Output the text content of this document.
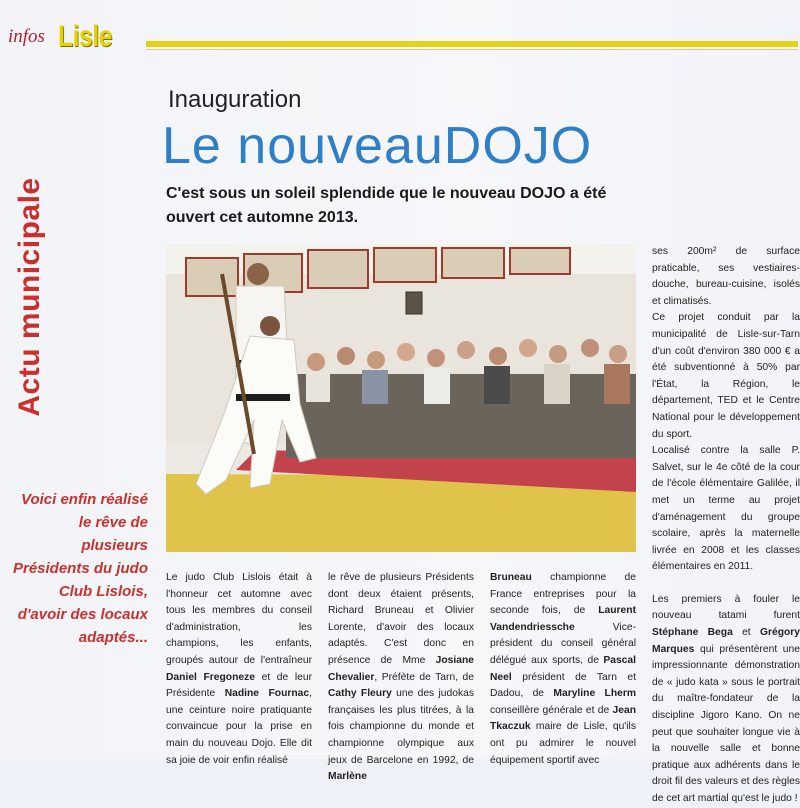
infos Lisle
Actu municipale
Inauguration
Le nouveauDOJO
C'est sous un soleil splendide que le nouveau DOJO a été ouvert cet automne 2013.
Voici enfin réalisé le rêve de plusieurs Présidents du judo Club Lislois, d'avoir des locaux adaptés...

Le judo Club Lislois était à l'honneur cet automne avec tous les membres du conseil d'administration, les champions, les enfants, groupés autour de l'entraîneur Daniel Fregoneze et de leur Présidente Nadine Fournac, une ceinture noire pratiquante convaincue pour la prise en main du nouveau Dojo. Elle dit sa joie de voir enfin réalisé

le rêve de plusieurs Présidents dont deux étaient présents, Richard Bruneau et Olivier Lorente, d'avoir des locaux adaptés. C'est donc en présence de Mme Josiane Chevalier, Préfète de Tarn, de Cathy Fleury une des judokas françaises les plus titrées, à la fois championne du monde et championne olympique aux jeux de Barcelone en 1992, de Marlène

Bruneau championne de France entreprises pour la seconde fois, de Laurent Vandendriessche Vice-président du conseil général délégué aux sports, de Pascal Neel président de Tarn et Dadou, de Maryline Lherm conseillère générale et de Jean Tkaczuk maire de Lisle, qu'ils ont pu admirer le nouvel équipement sportif avec

ses 200m² de surface praticable, ses vestiaires-douche, bureau-cuisine, isolés et climatisés.

Ce projet conduit par la municipalité de Lisle-sur-Tarn d'un coût d'environ 380 000 € a été subventionné à 50% par l'État, la Région, le département, TED et le Centre National pour le développement du sport.

Localisé contre la salle P. Salvet, sur le 4e côté de la cour de l'école élémentaire Galilée, il met un terme au projet d'aménagement du groupe scolaire, après la maternelle livrée en 2008 et les classes élémentaires en 2011.

Les premiers à fouler le nouveau tatami furent Stéphane Bega et Grégory Marques qui présentèrent une impressionnante démonstration de « judo kata » sous le portrait du maître-fondateur de la discipline Jigoro Kano. On ne peut que souhaiter longue vie à la nouvelle salle et bonne pratique aux adhérents dans le droit fil des valeurs et des règles de cet art martial qu'est le judo !
